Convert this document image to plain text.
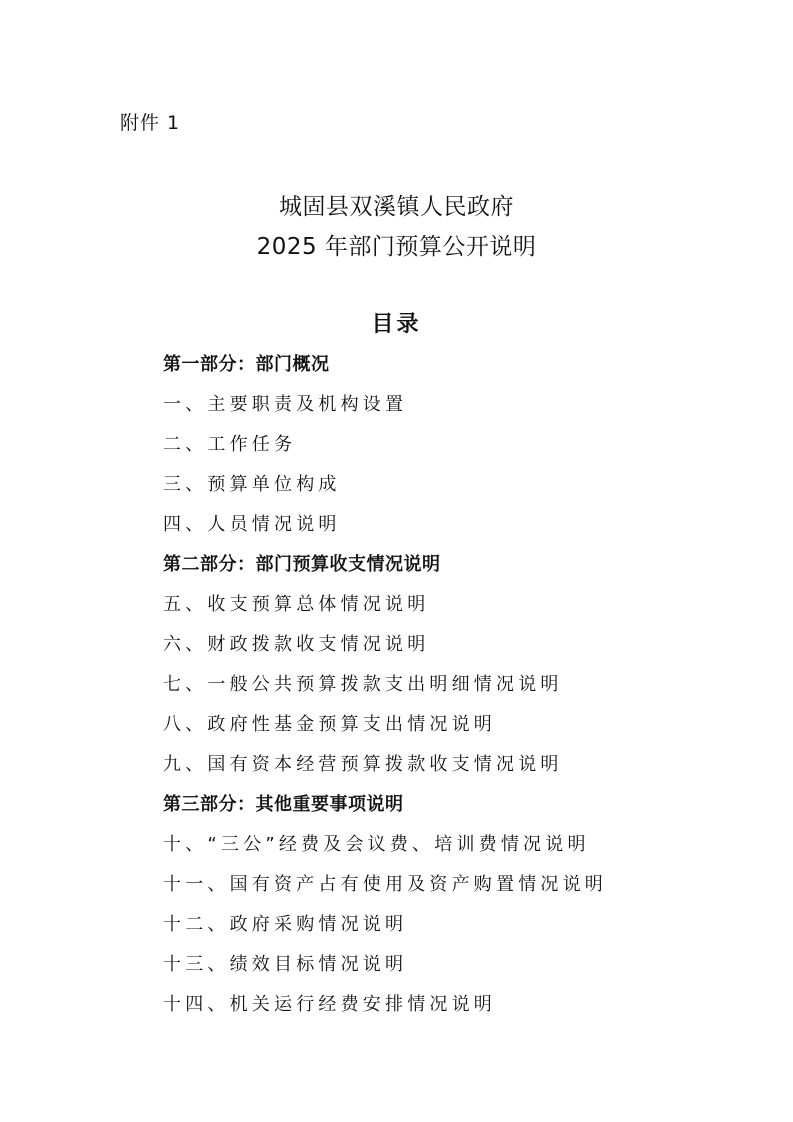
附件 1
城固县双溪镇人民政府
2025 年部门预算公开说明
目录
第一部分：部门概况
一、主要职责及机构设置
二、工作任务
三、预算单位构成
四、人员情况说明
第二部分：部门预算收支情况说明
五、收支预算总体情况说明
六、财政拨款收支情况说明
七、一般公共预算拨款支出明细情况说明
八、政府性基金预算支出情况说明
九、国有资本经营预算拨款收支情况说明
第三部分：其他重要事项说明
十、“三公”经费及会议费、培训费情况说明
十一、国有资产占有使用及资产购置情况说明
十二、政府采购情况说明
十三、绩效目标情况说明
十四、机关运行经费安排情况说明
